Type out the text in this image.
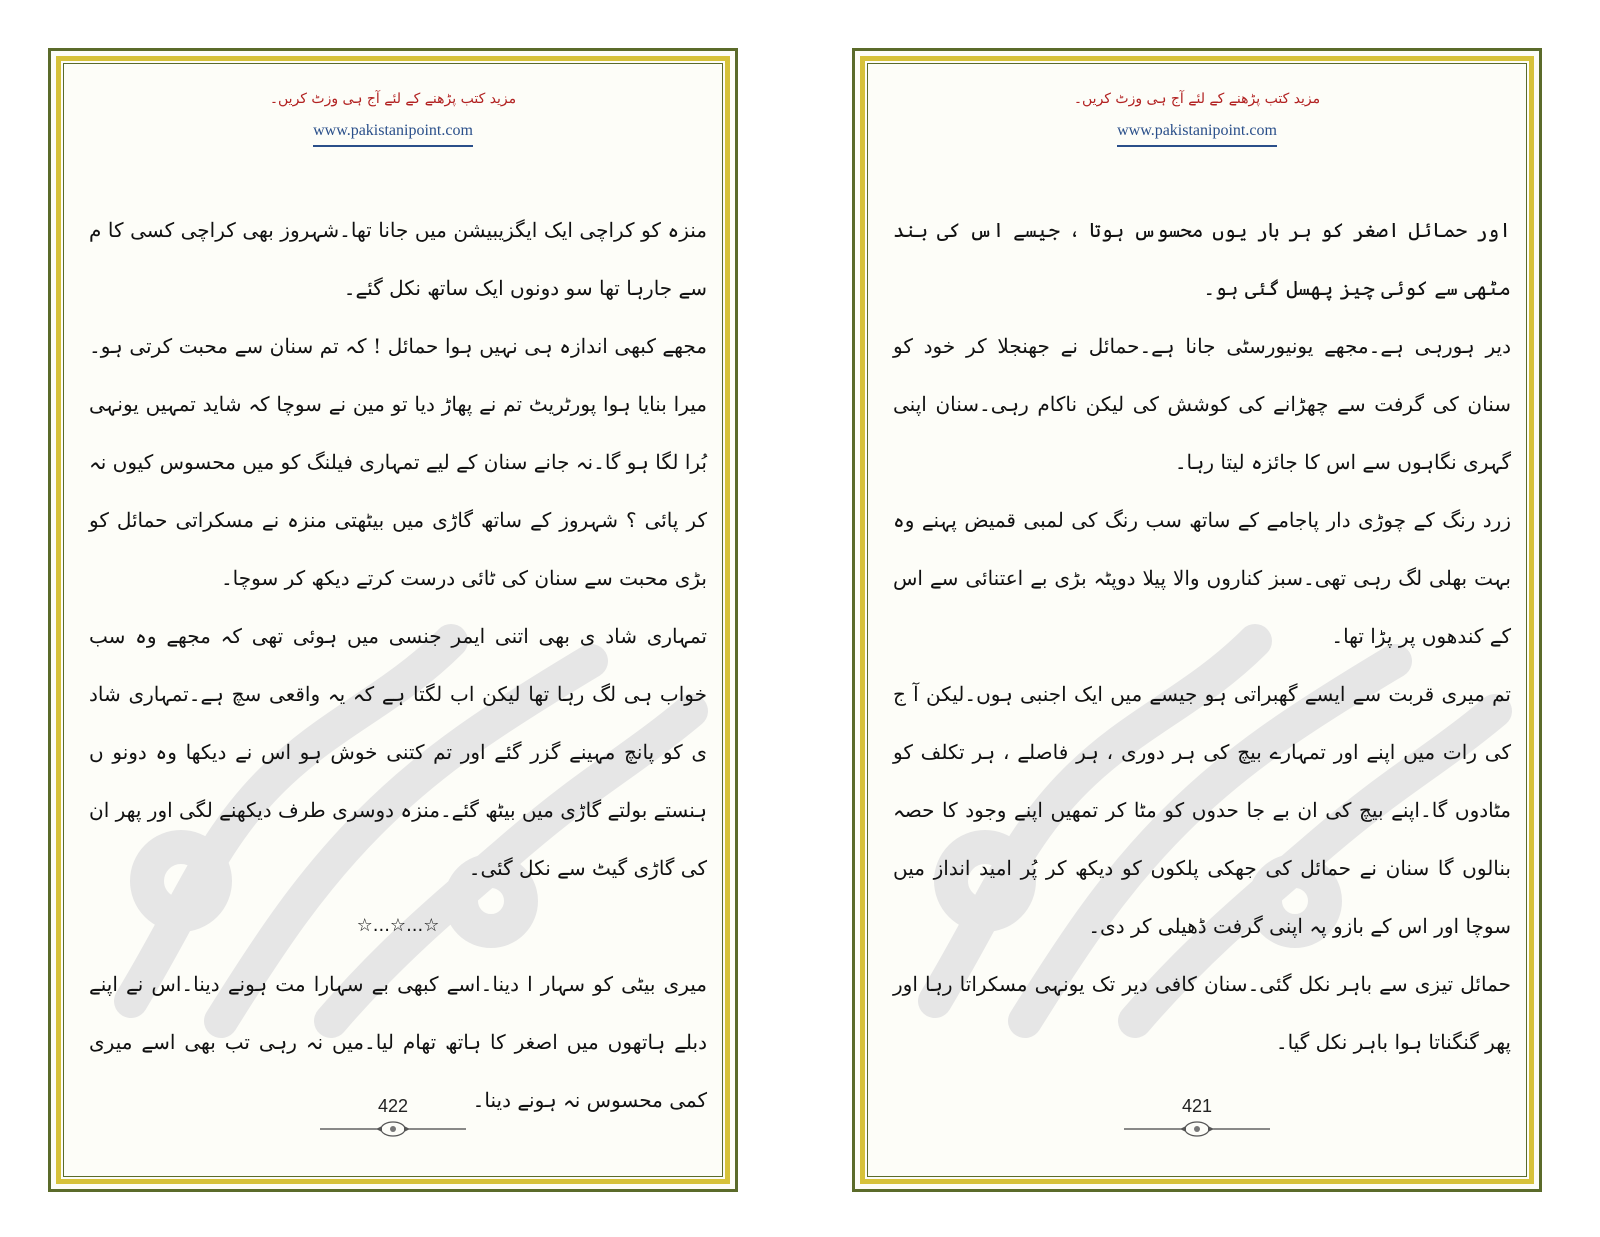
مزید کتب پڑھنے کے لئے آج ہی وزٹ کریں۔
www.pakistanipoint.com

منزہ کو کراچی ایک ایگزیبیشن میں جانا تھا۔شہروز بھی کراچی کسی کا م سے جارہا تھا سو دونوں ایک ساتھ نکل گئے۔

مجھے کبھی اندازہ ہی نہیں ہوا حمائل ! کہ تم سنان سے محبت کرتی ہو۔میرا بنایا ہوا پورٹریٹ تم نے پھاڑ دیا تو مین نے سوچا کہ شاید تمہیں یونہی بُرا لگا ہو گا۔نہ جانے سنان کے لیے تمہاری فیلنگ کو میں محسوس کیوں نہ کر پائی ؟ شہروز کے ساتھ گاڑی میں بیٹھتی منزہ نے مسکراتی حمائل کو بڑی محبت سے سنان کی ٹائی درست کرتے دیکھ کر سوچا۔

تمہاری شاد ی بھی اتنی ایمر جنسی میں ہوئی تھی کہ مجھے وہ سب خواب ہی لگ رہا تھا لیکن اب لگتا ہے کہ یہ واقعی سچ ہے۔تمہاری شاد ی کو پانچ مہینے گزر گئے اور تم کتنی خوش ہو اس نے دیکھا وہ دونو ں ہنستے بولتے گاڑی میں بیٹھ گئے۔منزہ دوسری طرف دیکھنے لگی اور پھر ان کی گاڑی گیٹ سے نکل گئی۔

☆...☆...☆

میری بیٹی کو سہار ا دینا۔اسے کبھی بے سہارا مت ہونے دینا۔اس نے اپنے دبلے ہاتھوں میں اصغر کا ہاتھ تھام لیا۔میں نہ رہی تب بھی اسے میری کمی محسوس نہ ہونے دینا۔

422
مزید کتب پڑھنے کے لئے آج ہی وزٹ کریں۔
www.pakistanipoint.com

اور حمائل اصغر کو ہر بار یوں محسوس ہوتا ، جیسے اس کی بند مٹھی سے کوئی چیز پھسل گئی ہو۔

دیر ہورہی ہے۔مجھے یونیورسٹی جانا ہے۔حمائل نے جھنجلا کر خود کو سنان کی گرفت سے چھڑانے کی کوشش کی لیکن ناکام رہی۔سنان اپنی گہری نگاہوں سے اس کا جائزہ لیتا رہا۔

زرد رنگ کے چوڑی دار پاجامے کے ساتھ سب رنگ کی لمبی قمیض پہنے وہ بہت بھلی لگ رہی تھی۔سبز کناروں والا پیلا دوپٹہ بڑی بے اعتنائی سے اس کے کندھوں پر پڑا تھا۔

تم میری قربت سے ایسے گھبراتی ہو جیسے میں ایک اجنبی ہوں۔لیکن آ ج کی رات میں اپنے اور تمہارے بیچ کی ہر دوری ، ہر فاصلے ، ہر تکلف کو مٹادوں گا۔اپنے بیچ کی ان بے جا حدوں کو مٹا کر تمھیں اپنے وجود کا حصہ بنالوں گا سنان نے حمائل کی جھکی پلکوں کو دیکھ کر پُر امید انداز میں سوچا اور اس کے بازو پہ اپنی گرفت ڈھیلی کر دی۔

حمائل تیزی سے باہر نکل گئی۔سنان کافی دیر تک یونہی مسکراتا رہا اور پھر گنگناتا ہوا باہر نکل گیا۔

421
